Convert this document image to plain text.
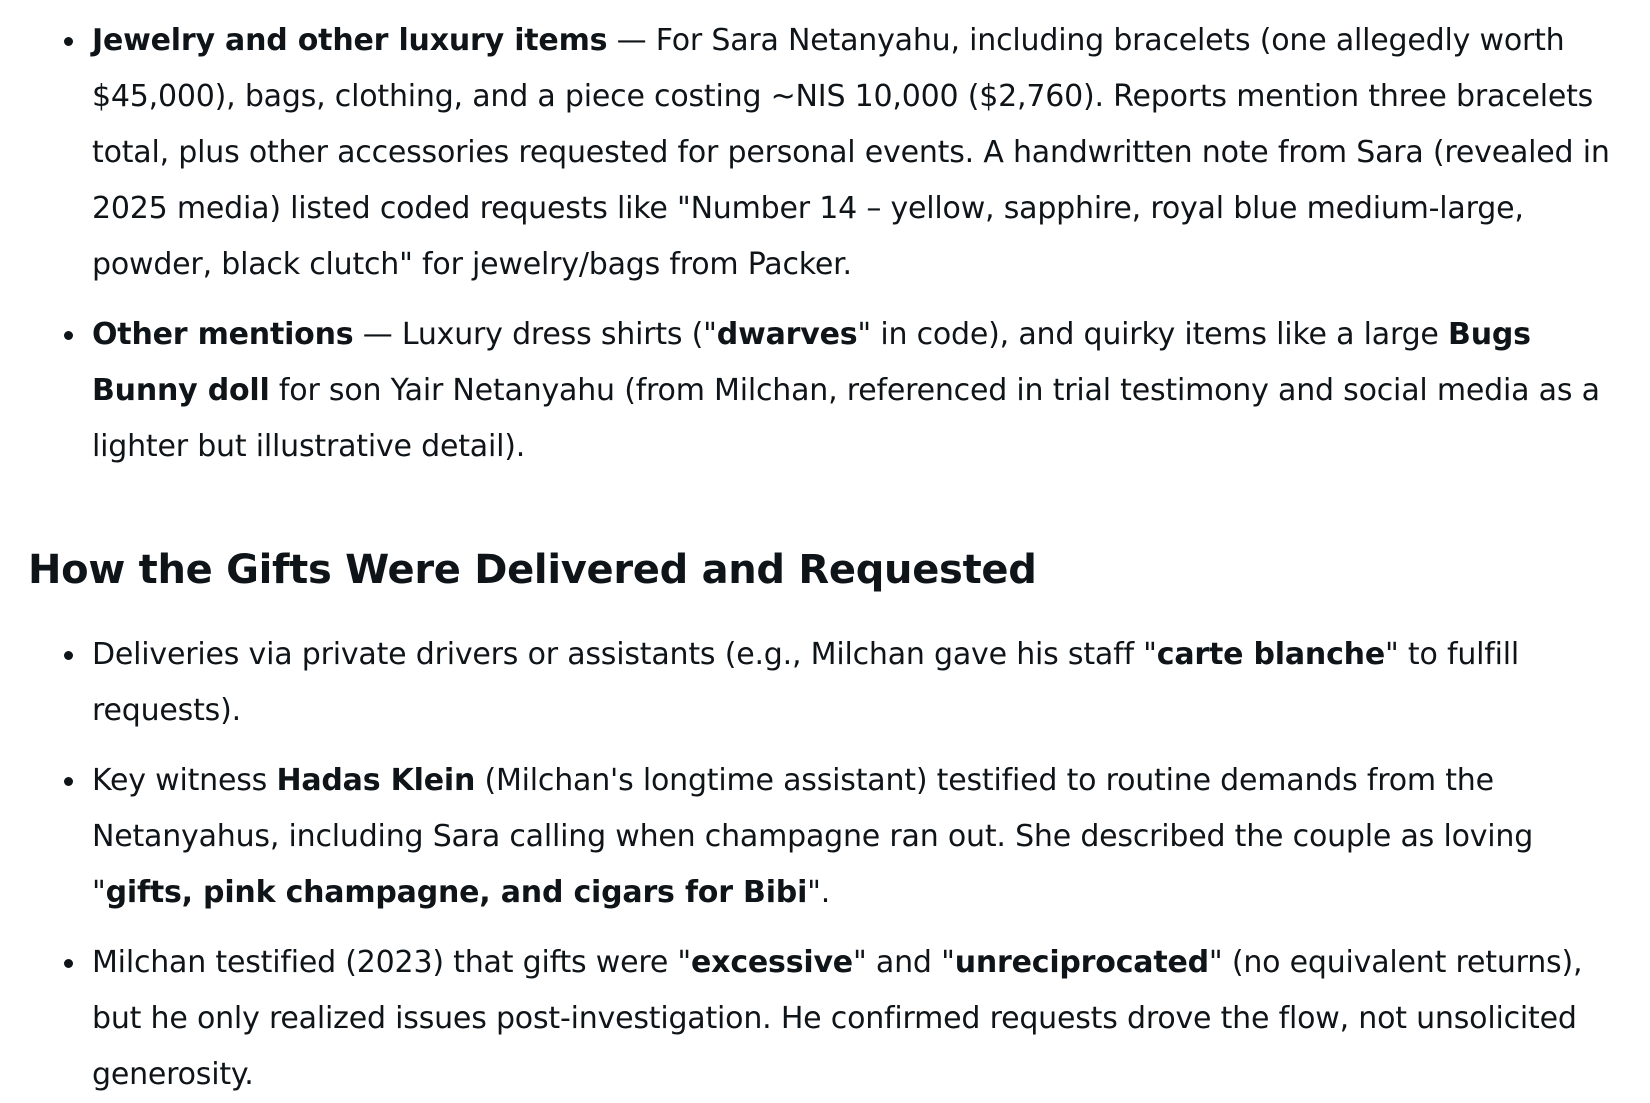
Jewelry and other luxury items — For Sara Netanyahu, including bracelets (one allegedly worth $45,000), bags, clothing, and a piece costing ~NIS 10,000 ($2,760). Reports mention three bracelets total, plus other accessories requested for personal events. A handwritten note from Sara (revealed in 2025 media) listed coded requests like "Number 14 – yellow, sapphire, royal blue medium-large, powder, black clutch" for jewelry/bags from Packer.
Other mentions — Luxury dress shirts ("dwarves" in code), and quirky items like a large Bugs Bunny doll for son Yair Netanyahu (from Milchan, referenced in trial testimony and social media as a lighter but illustrative detail).
How the Gifts Were Delivered and Requested
Deliveries via private drivers or assistants (e.g., Milchan gave his staff "carte blanche" to fulfill requests).
Key witness Hadas Klein (Milchan's longtime assistant) testified to routine demands from the Netanyahus, including Sara calling when champagne ran out. She described the couple as loving "gifts, pink champagne, and cigars for Bibi".
Milchan testified (2023) that gifts were "excessive" and "unreciprocated" (no equivalent returns), but he only realized issues post-investigation. He confirmed requests drove the flow, not unsolicited generosity.
